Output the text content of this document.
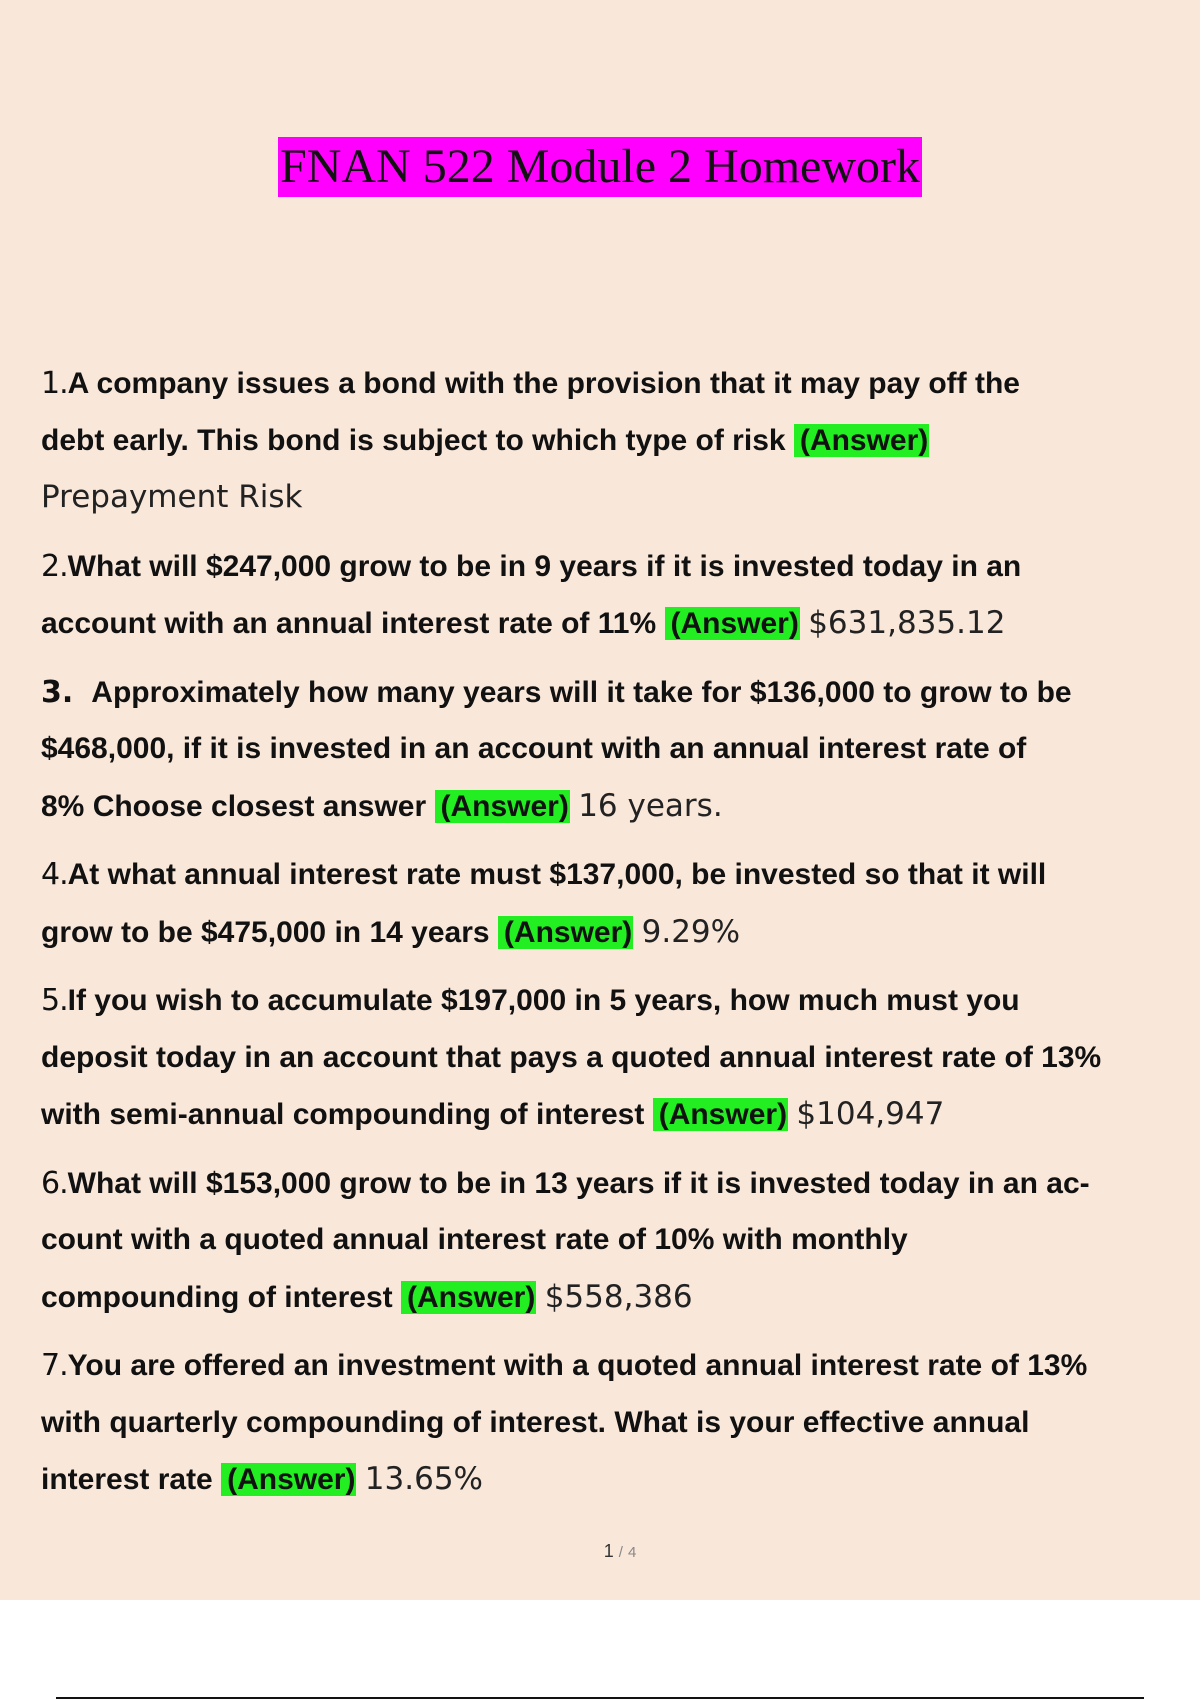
FNAN 522 Module 2 Homework
1.A company issues a bond with the provision that it may pay off the
debt early. This bond is subject to which type of risk (Answer)
Prepayment Risk
2.What will $247,000 grow to be in 9 years if it is invested today in an
account with an annual interest rate of 11% (Answer) $631,835.12
3. Approximately how many years will it take for $136,000 to grow to be
$468,000, if it is invested in an account with an annual interest rate of
8% Choose closest answer (Answer) 16 years.
4.At what annual interest rate must $137,000, be invested so that it will
grow to be $475,000 in 14 years (Answer) 9.29%
5.If you wish to accumulate $197,000 in 5 years, how much must you
deposit today in an account that pays a quoted annual interest rate of 13%
with semi-annual compounding of interest (Answer) $104,947
6.What will $153,000 grow to be in 13 years if it is invested today in an ac-
count with a quoted annual interest rate of 10% with monthly
compounding of interest (Answer) $558,386
7.You are offered an investment with a quoted annual interest rate of 13%
with quarterly compounding of interest. What is your effective annual
interest rate (Answer) 13.65%
1 / 4
